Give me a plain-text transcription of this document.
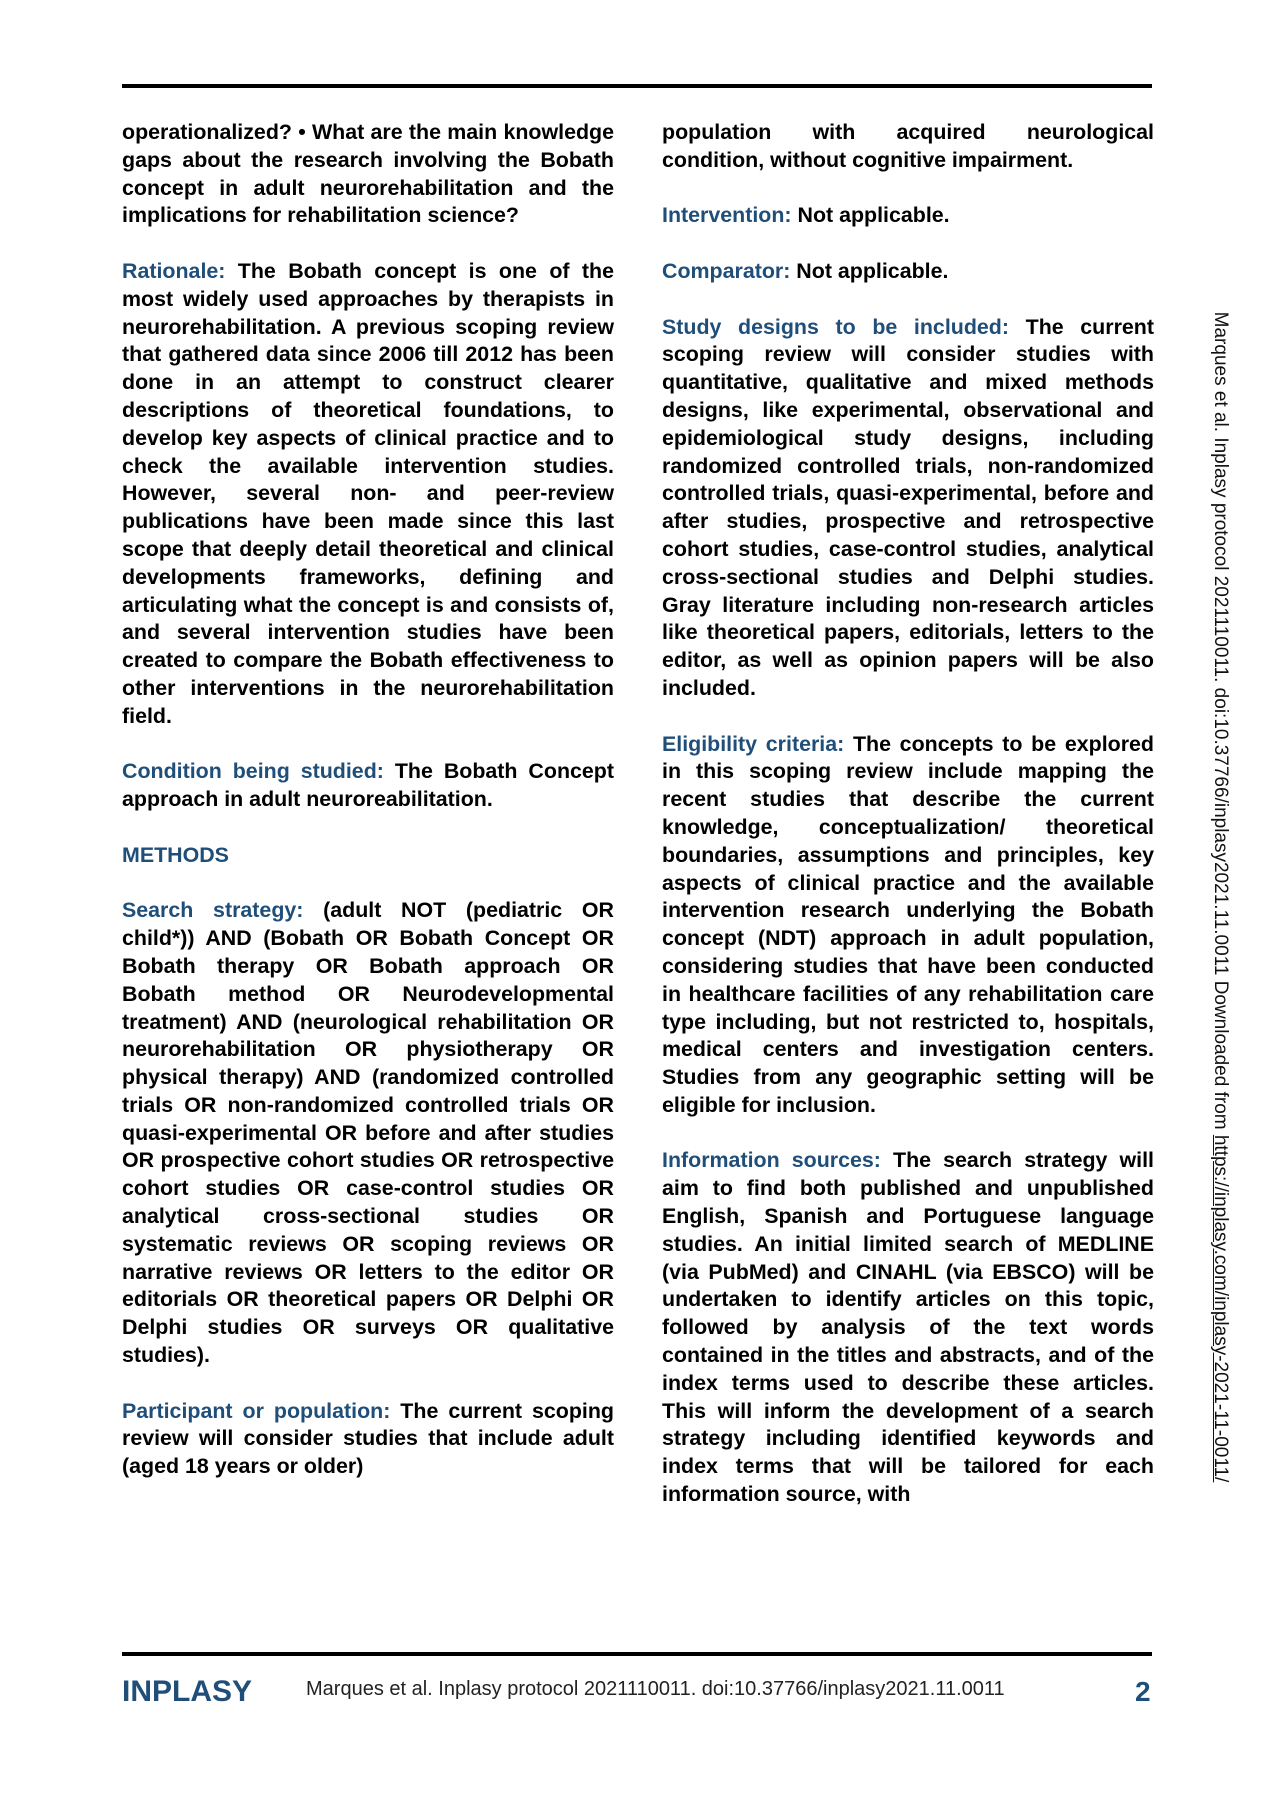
operationalized? • What are the main knowledge gaps about the research involving the Bobath concept in adult neurorehabilitation and the implications for rehabilitation science?

Rationale: The Bobath concept is one of the most widely used approaches by therapists in neurorehabilitation. A previous scoping review that gathered data since 2006 till 2012 has been done in an attempt to construct clearer descriptions of theoretical foundations, to develop key aspects of clinical practice and to check the available intervention studies. However, several non- and peer-review publications have been made since this last scope that deeply detail theoretical and clinical developments frameworks, defining and articulating what the concept is and consists of, and several intervention studies have been created to compare the Bobath effectiveness to other interventions in the neurorehabilitation field.

Condition being studied: The Bobath Concept approach in adult neuroreabilitation.

METHODS

Search strategy: (adult NOT (pediatric OR child*)) AND (Bobath OR Bobath Concept OR Bobath therapy OR Bobath approach OR Bobath method OR Neurodevelopmental treatment) AND (neurological rehabilitation OR neurorehabilitation OR physiotherapy OR physical therapy) AND (randomized controlled trials OR non-randomized controlled trials OR quasi-experimental OR before and after studies OR prospective cohort studies OR retrospective cohort studies OR case-control studies OR analytical cross-sectional studies OR systematic reviews OR scoping reviews OR narrative reviews OR letters to the editor OR editorials OR theoretical papers OR Delphi OR Delphi studies OR surveys OR qualitative studies).

Participant or population: The current scoping review will consider studies that include adult (aged 18 years or older)

population with acquired neurological condition, without cognitive impairment.

Intervention: Not applicable.

Comparator: Not applicable.

Study designs to be included: The current scoping review will consider studies with quantitative, qualitative and mixed methods designs, like experimental, observational and epidemiological study designs, including randomized controlled trials, non-randomized controlled trials, quasi-experimental, before and after studies, prospective and retrospective cohort studies, case-control studies, analytical cross-sectional studies and Delphi studies. Gray literature including non-research articles like theoretical papers, editorials, letters to the editor, as well as opinion papers will be also included.

Eligibility criteria: The concepts to be explored in this scoping review include mapping the recent studies that describe the current knowledge, conceptualization/ theoretical boundaries, assumptions and principles, key aspects of clinical practice and the available intervention research underlying the Bobath concept (NDT) approach in adult population, considering studies that have been conducted in healthcare facilities of any rehabilitation care type including, but not restricted to, hospitals, medical centers and investigation centers. Studies from any geographic setting will be eligible for inclusion.

Information sources: The search strategy will aim to find both published and unpublished English, Spanish and Portuguese language studies. An initial limited search of MEDLINE (via PubMed) and CINAHL (via EBSCO) will be undertaken to identify articles on this topic, followed by analysis of the text words contained in the titles and abstracts, and of the index terms used to describe these articles. This will inform the development of a search strategy including identified keywords and index terms that will be tailored for each information source, with

Marques et al. Inplasy protocol 2021110011. doi:10.37766/inplasy2021.11.0011 Downloaded from https://inplasy.com/inplasy-2021-11-0011/
INPLASY	Marques et al. Inplasy protocol 2021110011. doi:10.37766/inplasy2021.11.0011	2
